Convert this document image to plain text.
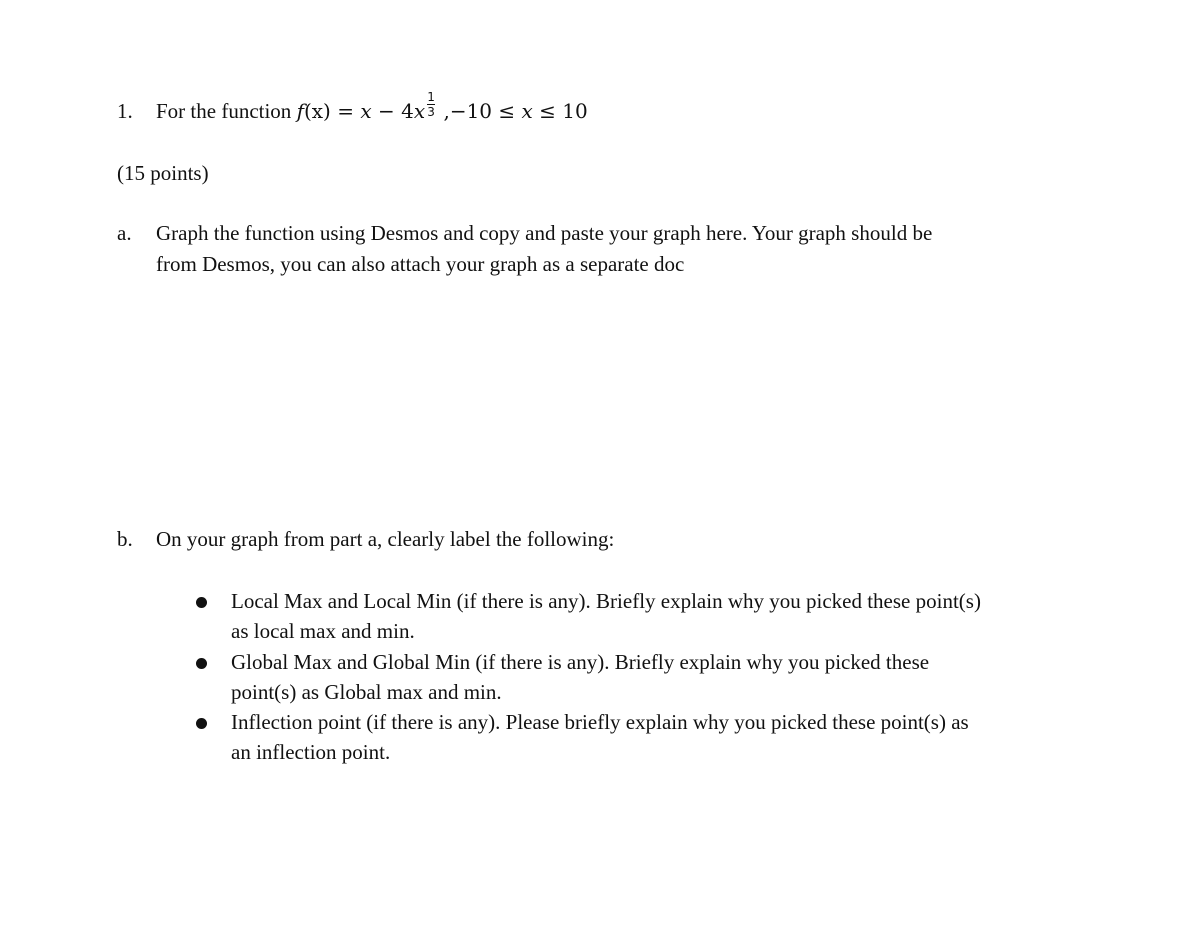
1. For the function $f(x) = x - 4x \frac{1}{3} ,-10 \le x \le 10$
(15 points)
a. Graph the function using Desmos and copy and paste your graph here. Your graph should be
from Desmos, you can also attach your graph as a separate doc
b. On your graph from part a, clearly label the following:
Local Max and Local Min (if there is any). Briefly explain why you picked these point(s)
as local max and min.
Global Max and Global Min (if there is any). Briefly explain why you picked these
point(s) as Global max and min.
Inflection point (if there is any). Please briefly explain why you picked these point(s) as
an inflection point.
